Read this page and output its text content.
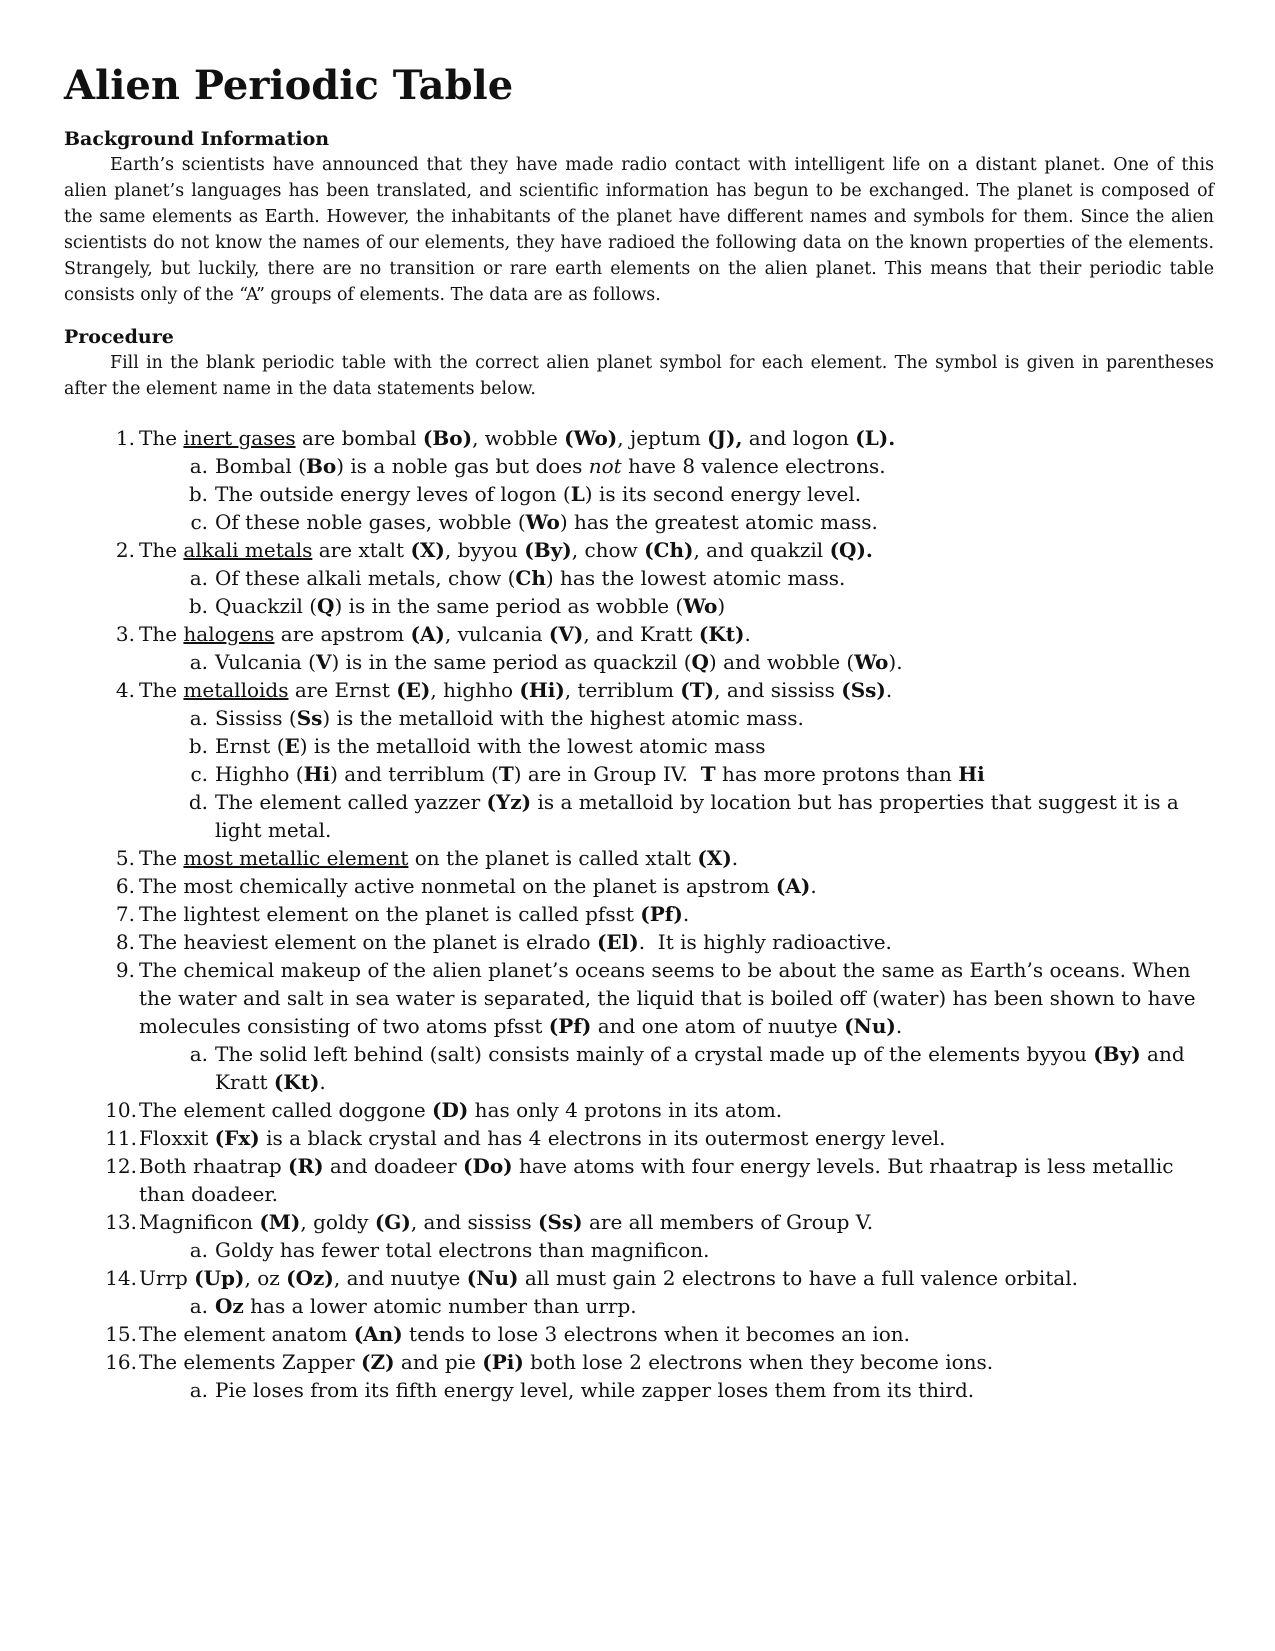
Alien Periodic Table
Background Information

Earth’s scientists have announced that they have made radio contact with intelligent life on a distant planet. One of this alien planet’s languages has been translated, and scientific information has begun to be exchanged. The planet is composed of the same elements as Earth. However, the inhabitants of the planet have different names and symbols for them. Since the alien scientists do not know the names of our elements, they have radioed the following data on the known properties of the elements. Strangely, but luckily, there are no transition or rare earth elements on the alien planet. This means that their periodic table consists only of the “A” groups of elements. The data are as follows.

Procedure

Fill in the blank periodic table with the correct alien planet symbol for each element. The symbol is given in parentheses after the element name in the data statements below.

1. The inert gases are bombal (Bo), wobble (Wo), jeptum (J), and logon (L).
a. Bombal (Bo) is a noble gas but does not have 8 valence electrons.
b. The outside energy leves of logon (L) is its second energy level.
c. Of these noble gases, wobble (Wo) has the greatest atomic mass.
2. The alkali metals are xtalt (X), byyou (By), chow (Ch), and quakzil (Q).
a. Of these alkali metals, chow (Ch) has the lowest atomic mass.
b. Quackzil (Q) is in the same period as wobble (Wo)
3. The halogens are apstrom (A), vulcania (V), and Kratt (Kt).
a. Vulcania (V) is in the same period as quackzil (Q) and wobble (Wo).
4. The metalloids are Ernst (E), highho (Hi), terriblum (T), and sississ (Ss).
a. Sississ (Ss) is the metalloid with the highest atomic mass.
b. Ernst (E) is the metalloid with the lowest atomic mass
c. Highho (Hi) and terriblum (T) are in Group IV.  T has more protons than Hi
d. The element called yazzer (Yz) is a metalloid by location but has properties that suggest it is a light metal.
5. The most metallic element on the planet is called xtalt (X).
6. The most chemically active nonmetal on the planet is apstrom (A).
7. The lightest element on the planet is called pfsst (Pf).
8. The heaviest element on the planet is elrado (El).  It is highly radioactive.
9. The chemical makeup of the alien planet’s oceans seems to be about the same as Earth’s oceans. When the water and salt in sea water is separated, the liquid that is boiled off (water) has been shown to have molecules consisting of two atoms pfsst (Pf) and one atom of nuutye (Nu).
a. The solid left behind (salt) consists mainly of a crystal made up of the elements byyou (By) and Kratt (Kt).
10. The element called doggone (D) has only 4 protons in its atom.
11. Floxxit (Fx) is a black crystal and has 4 electrons in its outermost energy level.
12. Both rhaatrap (R) and doadeer (Do) have atoms with four energy levels. But rhaatrap is less metallic than doadeer.
13. Magnificon (M), goldy (G), and sississ (Ss) are all members of Group V.
a. Goldy has fewer total electrons than magnificon.
14. Urrp (Up), oz (Oz), and nuutye (Nu) all must gain 2 electrons to have a full valence orbital.
a. Oz has a lower atomic number than urrp.
15. The element anatom (An) tends to lose 3 electrons when it becomes an ion.
16. The elements Zapper (Z) and pie (Pi) both lose 2 electrons when they become ions.
a. Pie loses from its fifth energy level, while zapper loses them from its third.
